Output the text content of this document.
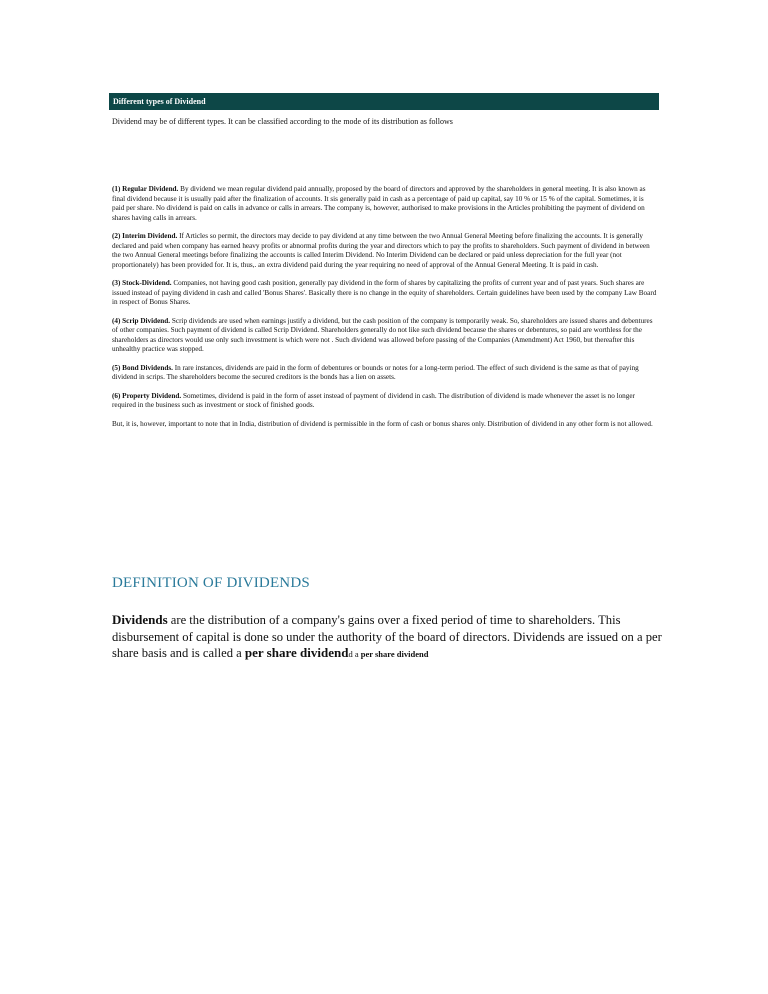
Different types of Dividend
Dividend may be of different types. It can be classified according to the mode of its distribution as follows

(1) Regular Dividend. By dividend we mean regular dividend paid annually, proposed by the board of directors and approved by the shareholders in general meeting. It is also known as final dividend because it is usually paid after the finalization of accounts. It sis generally paid in cash as a percentage of paid up capital, say 10 % or 15 % of the capital. Sometimes, it is paid per share. No dividend is paid on calls in advance or calls in arrears. The company is, however, authorised to make provisions in the Articles prohibiting the payment of dividend on shares having calls in arrears.

(2) Interim Dividend. If Articles so permit, the directors may decide to pay dividend at any time between the two Annual General Meeting before finalizing the accounts. It is generally declared and paid when company has earned heavy profits or abnormal profits during the year and directors which to pay the profits to shareholders. Such payment of dividend in between the two Annual General meetings before finalizing the accounts is called Interim Dividend. No Interim Dividend can be declared or paid unless depreciation for the full year (not proportionately) has been provided for. It is, thus,. an extra dividend paid during the year requiring no need of approval of the Annual General Meeting. It is paid in cash.

(3) Stock-Dividend. Companies, not having good cash position, generally pay dividend in the form of shares by capitalizing the profits of current year and of past years. Such shares are issued instead of paying dividend in cash and called 'Bonus Shares'. Basically there is no change in the equity of shareholders. Certain guidelines have been used by the company Law Board in respect of Bonus Shares.

(4) Scrip Dividend. Scrip dividends are used when earnings justify a dividend, but the cash position of the company is temporarily weak. So, shareholders are issued shares and debentures of other companies. Such payment of dividend is called Scrip Dividend. Shareholders generally do not like such dividend because the shares or debentures, so paid are worthless for the shareholders as directors would use only such investment is which were not . Such dividend was allowed before passing of the Companies (Amendment) Act 1960, but thereafter this unhealthy practice was stopped.

(5) Bond Dividends. In rare instances, dividends are paid in the form of debentures or bounds or notes for a long-term period. The effect of such dividend is the same as that of paying dividend in scrips. The shareholders become the secured creditors is the bonds has a lien on assets.

(6) Property Dividend. Sometimes, dividend is paid in the form of asset instead of payment of dividend in cash. The distribution of dividend is made whenever the asset is no longer required in the business such as investment or stock of finished goods.

But, it is, however, important to note that in India, distribution of dividend is permissible in the form of cash or bonus shares only. Distribution of dividend in any other form is not allowed.

DEFINITION OF DIVIDENDS
Dividends are the distribution of a company's gains over a fixed period of time to shareholders. This disbursement of capital is done so under the authority of the board of directors. Dividends are issued on a per share basis and is called a per share dividendd a per share dividend
